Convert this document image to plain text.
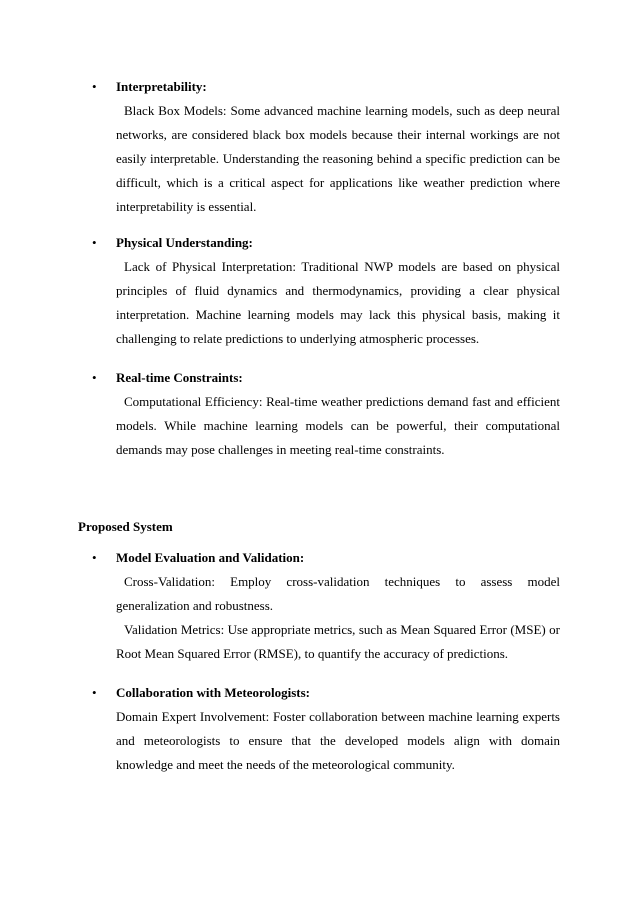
• Interpretability:

Black Box Models: Some advanced machine learning models, such as deep neural networks, are considered black box models because their internal workings are not easily interpretable. Understanding the reasoning behind a specific prediction can be difficult, which is a critical aspect for applications like weather prediction where interpretability is essential.

• Physical Understanding:

Lack of Physical Interpretation: Traditional NWP models are based on physical principles of fluid dynamics and thermodynamics, providing a clear physical interpretation. Machine learning models may lack this physical basis, making it challenging to relate predictions to underlying atmospheric processes.

• Real-time Constraints:

Computational Efficiency: Real-time weather predictions demand fast and efficient models. While machine learning models can be powerful, their computational demands may pose challenges in meeting real-time constraints.

Proposed System

• Model Evaluation and Validation:

Cross-Validation: Employ cross-validation techniques to assess model generalization and robustness.

Validation Metrics: Use appropriate metrics, such as Mean Squared Error (MSE) or Root Mean Squared Error (RMSE), to quantify the accuracy of predictions.

• Collaboration with Meteorologists:

Domain Expert Involvement: Foster collaboration between machine learning experts and meteorologists to ensure that the developed models align with domain knowledge and meet the needs of the meteorological community.
